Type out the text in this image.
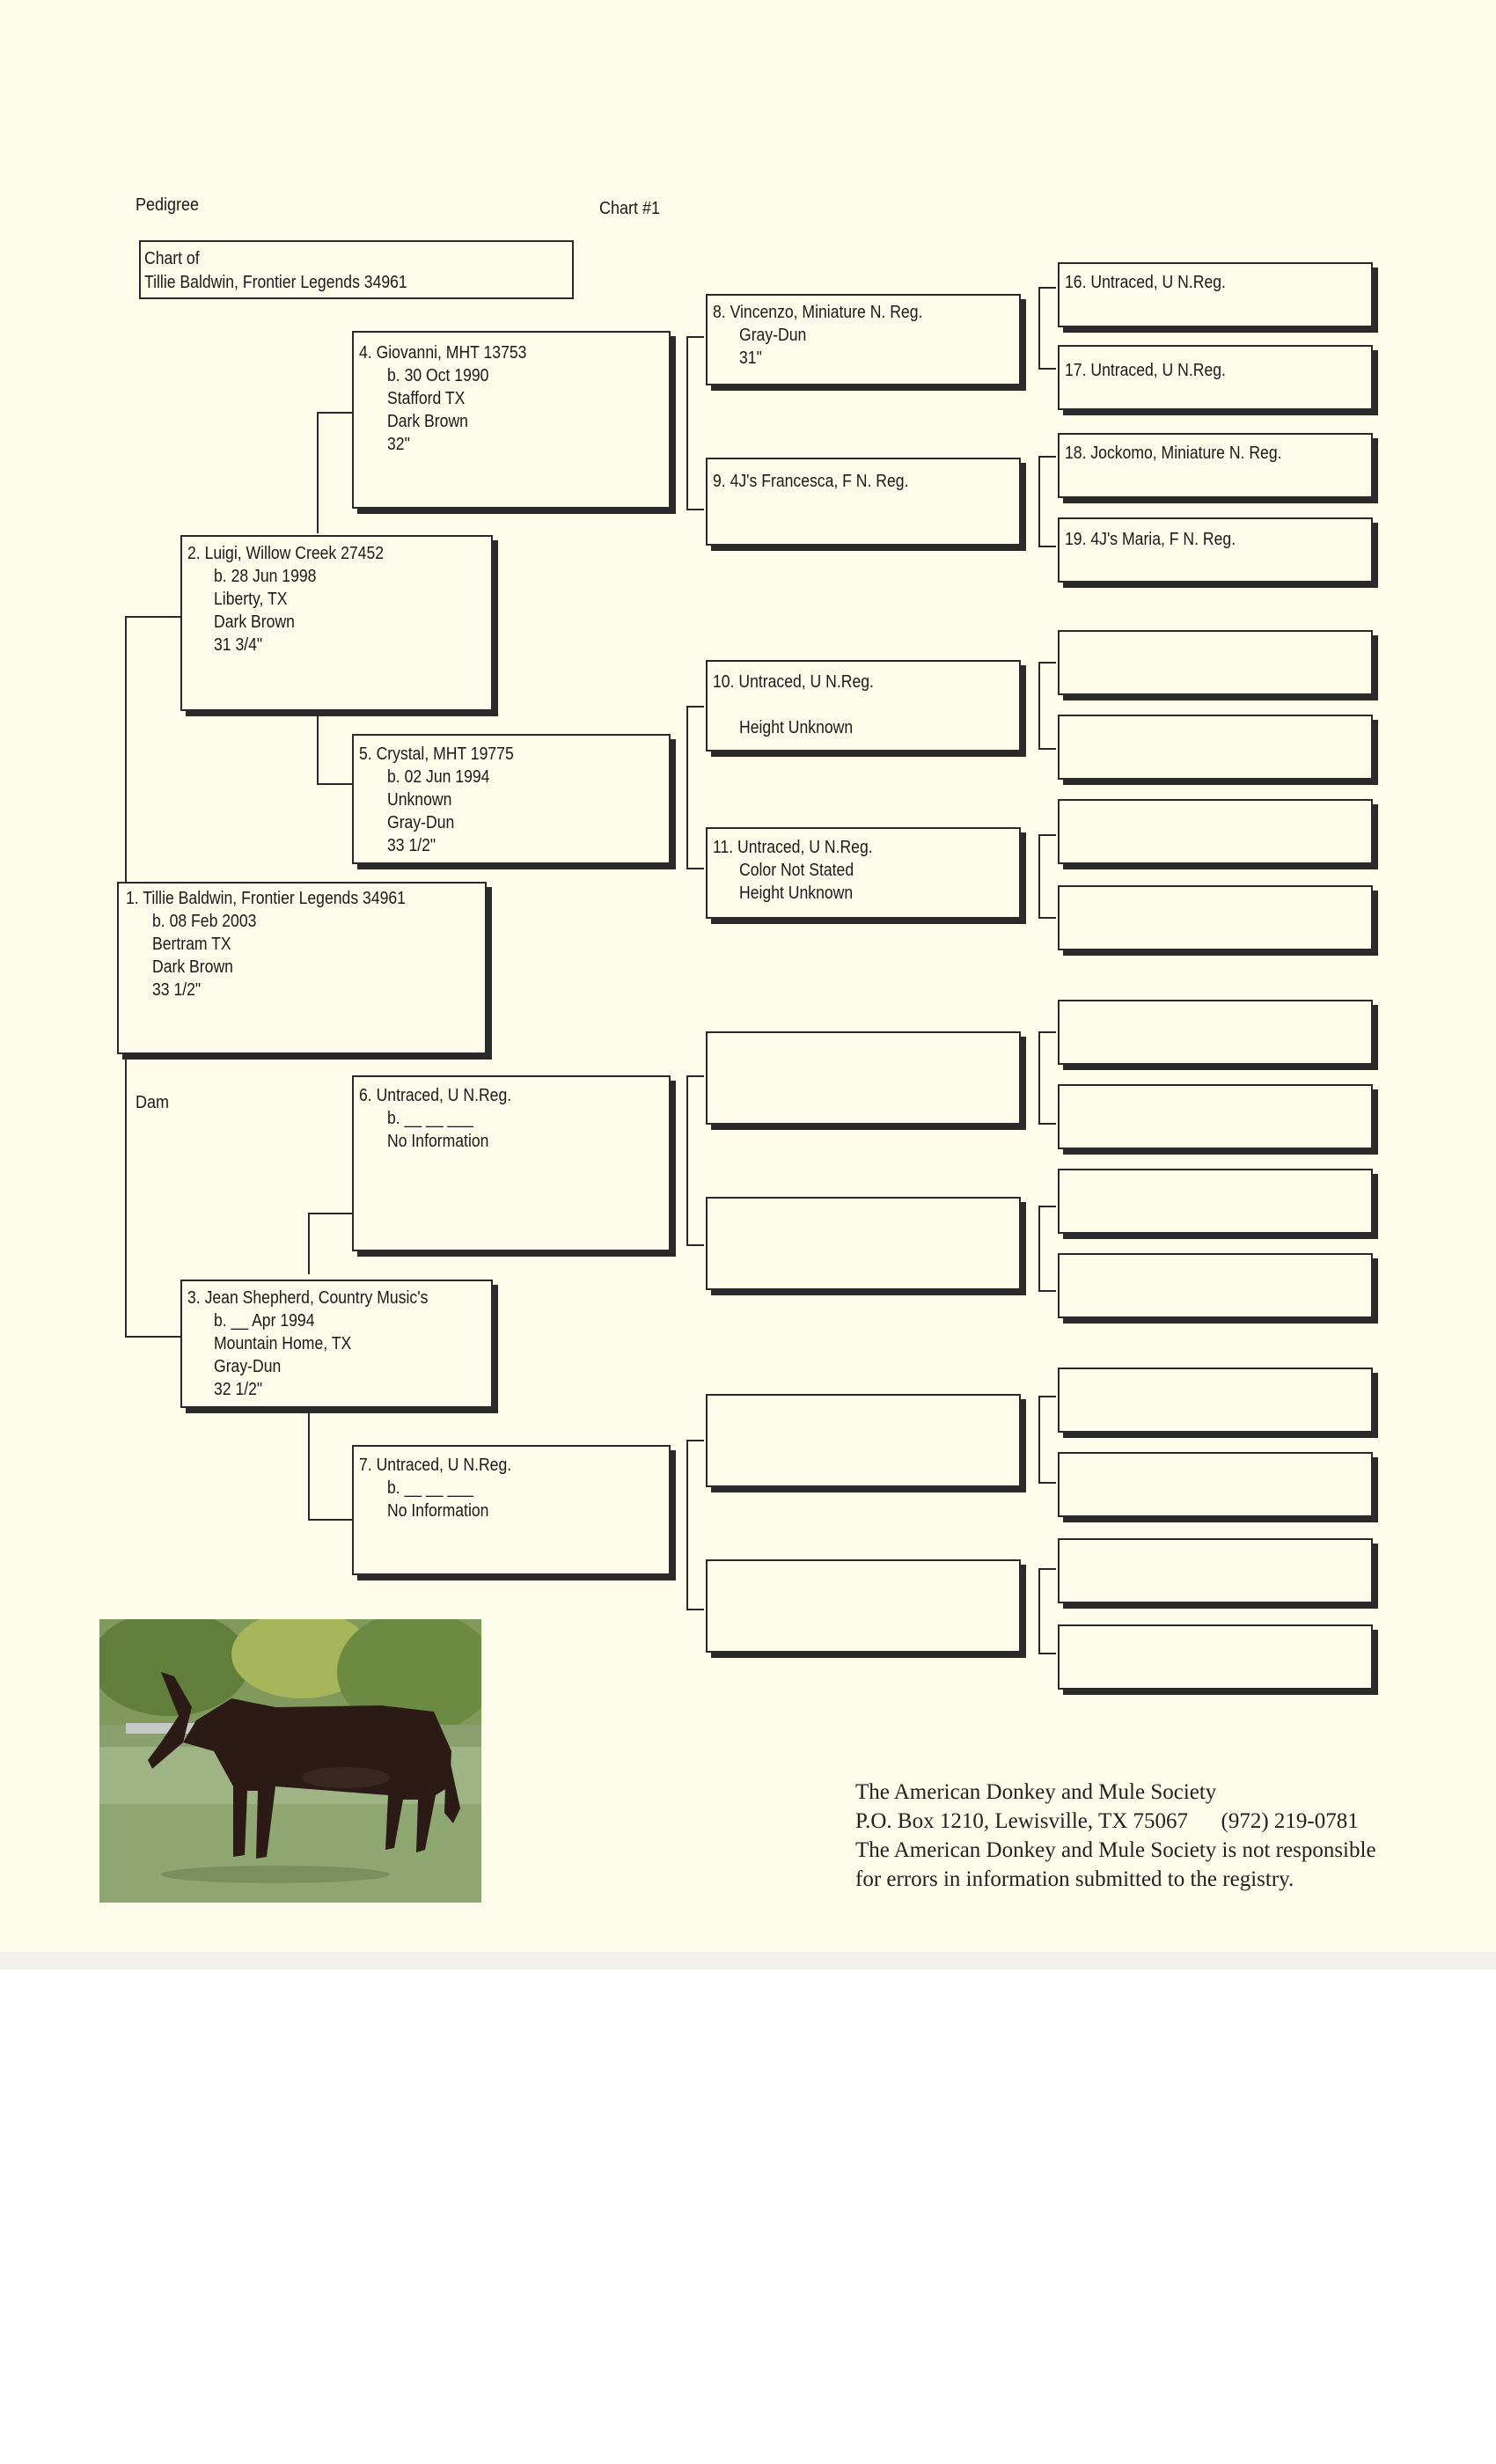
Pedigree	Chart #1
Chart of
Tillie Baldwin, Frontier Legends 34961
1. Tillie Baldwin, Frontier Legends 34961
b. 08 Feb 2003
Bertram TX
Dark Brown
33 1/2"
Dam
2. Luigi, Willow Creek 27452
b. 28 Jun 1998
Liberty, TX
Dark Brown
31 3/4"
3. Jean Shepherd, Country Music's
b. __ Apr 1994
Mountain Home, TX
Gray-Dun
32 1/2"
4. Giovanni, MHT 13753
b. 30 Oct 1990
Stafford TX
Dark Brown
32"
5. Crystal, MHT 19775
b. 02 Jun 1994
Unknown
Gray-Dun
33 1/2"
6. Untraced, U N.Reg.
b. __ __ ___
No Information
7. Untraced, U N.Reg.
b. __ __ ___
No Information
8. Vincenzo, Miniature N. Reg.
Gray-Dun
31"
9. 4J's Francesca, F N. Reg.
10. Untraced, U N.Reg.
Height Unknown
11. Untraced, U N.Reg.
Color Not Stated
Height Unknown
16. Untraced, U N.Reg.
17. Untraced, U N.Reg.
18. Jockomo, Miniature N. Reg.
19. 4J's Maria, F N. Reg.
The American Donkey and Mule Society
P.O. Box 1210, Lewisville, TX 75067      (972) 219-0781
The American Donkey and Mule Society is not responsible
for errors in information submitted to the registry.
